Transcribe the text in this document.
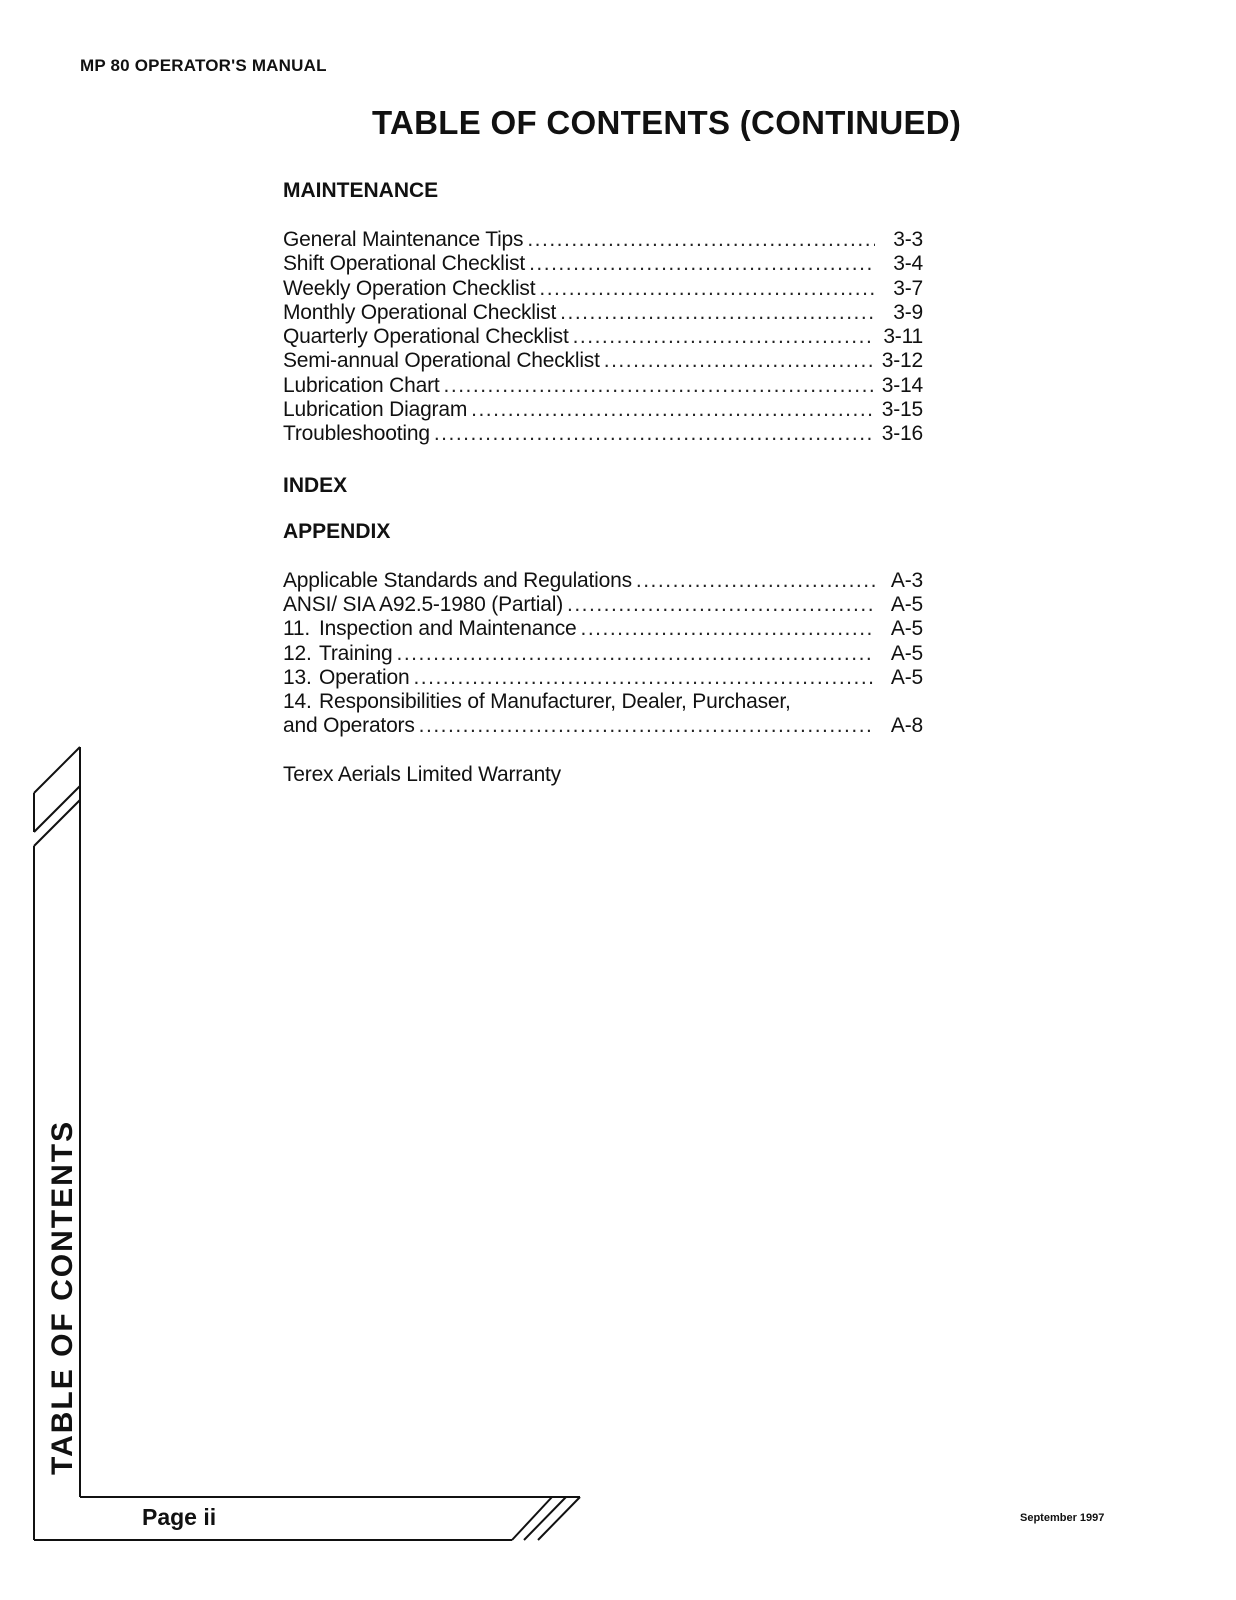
MP 80 OPERATOR'S MANUAL
TABLE OF CONTENTS (CONTINUED)
MAINTENANCE
General Maintenance Tips .....	3-3
Shift Operational Checklist .....	3-4
Weekly Operation Checklist .....	3-7
Monthly Operational Checklist .....	3-9
Quarterly Operational Checklist .....	3-11
Semi-annual Operational Checklist .....	3-12
Lubrication Chart .....	3-14
Lubrication Diagram .....	3-15
Troubleshooting .....	3-16
INDEX
APPENDIX
Applicable Standards and Regulations .....	A-3
ANSI/ SIA A92.5-1980 (Partial) .....	A-5
11. Inspection and Maintenance .....	A-5
12. Training .....	A-5
13. Operation .....	A-5
14. Responsibilities of Manufacturer, Dealer, Purchaser,
and Operators .....	A-8
Terex Aerials Limited Warranty
TABLE OF CONTENTS
Page ii	September 1997
